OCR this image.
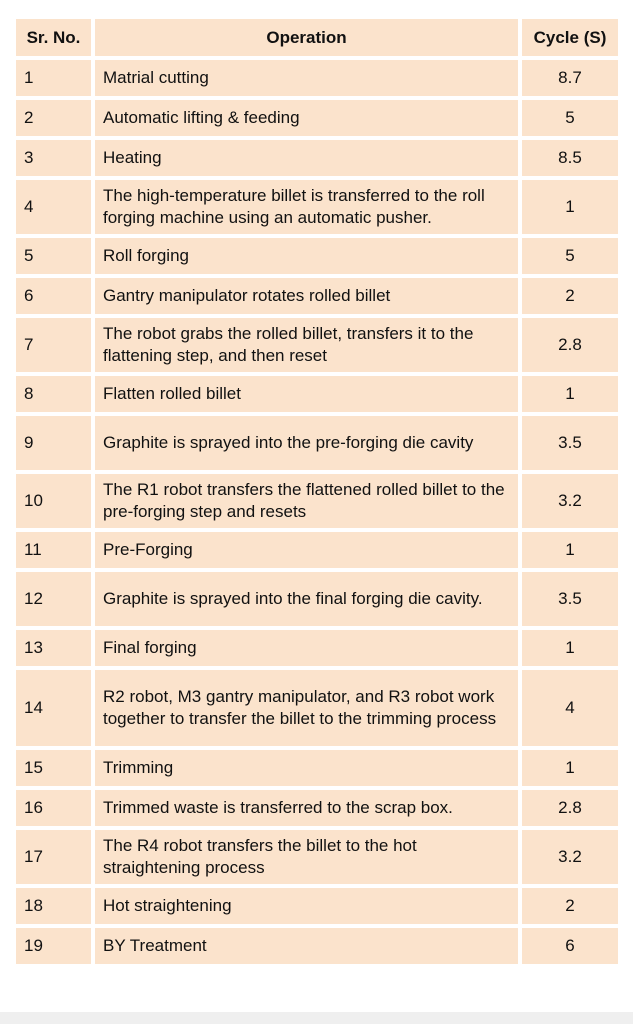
Sr. No.	Operation	Cycle (S)
1	Matrial cutting	8.7
2	Automatic lifting & feeding	5
3	Heating	8.5
4	The high-temperature billet is transferred to the roll forging machine using an automatic pusher.	1
5	Roll forging	5
6	Gantry manipulator rotates rolled billet	2
7	The robot grabs the rolled billet, transfers it to the flattening step, and then reset	2.8
8	Flatten rolled billet	1
9	Graphite is sprayed into the pre-forging die cavity	3.5
10	The R1 robot transfers the flattened rolled billet to the pre-forging step and resets	3.2
11	Pre-Forging	1
12	Graphite is sprayed into the final forging die cavity.	3.5
13	Final forging	1
14	R2 robot, M3 gantry manipulator, and R3 robot work together to transfer the billet to the trimming process	4
15	Trimming	1
16	Trimmed waste is transferred to the scrap box.	2.8
17	The R4 robot transfers the billet to the hot straightening process	3.2
18	Hot straightening	2
19	BY Treatment	6
